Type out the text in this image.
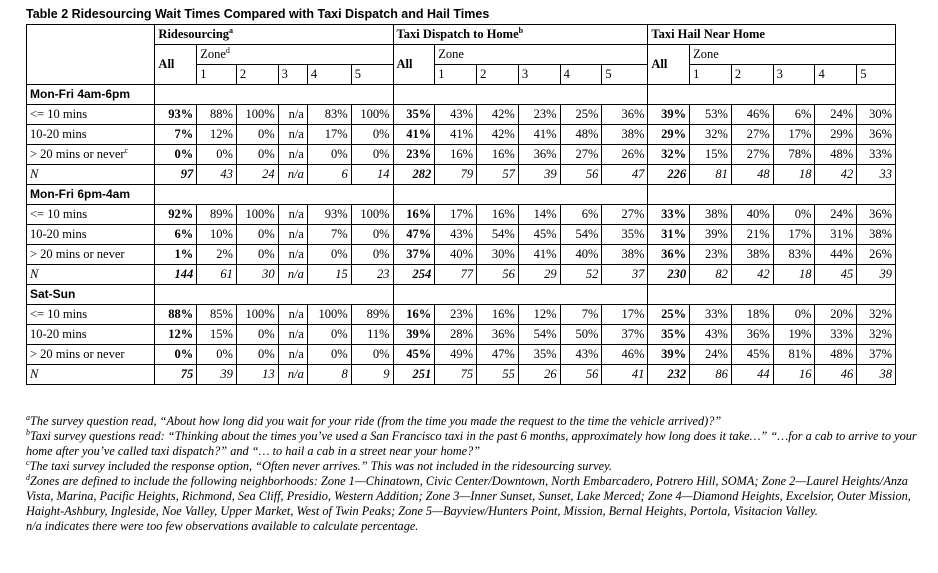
Table 2 Ridesourcing Wait Times Compared with Taxi Dispatch and Hail Times
	Ridesourcing$^a$						Taxi Dispatch to Home$^b$						Taxi Hail Near Home					
	All	Zone$^d$					All	Zone					All	Zone				
		1	2	3	4	5		1	2	3	4	5		1	2	3	4	5
Mon-Fri 4am-6pm																		
<= 10 mins	93%	88%	100%	n/a	83%	100%	35%	43%	42%	23%	25%	36%	39%	53%	46%	6%	24%	30%
10-20 mins	7%	12%	0%	n/a	17%	0%	41%	41%	42%	41%	48%	38%	29%	32%	27%	17%	29%	36%
> 20 mins or never$^c$	0%	0%	0%	n/a	0%	0%	23%	16%	16%	36%	27%	26%	32%	15%	27%	78%	48%	33%
N	97	43	24	n/a	6	14	282	79	57	39	56	47	226	81	48	18	42	33
Mon-Fri 6pm-4am																		
<= 10 mins	92%	89%	100%	n/a	93%	100%	16%	17%	16%	14%	6%	27%	33%	38%	40%	0%	24%	36%
10-20 mins	6%	10%	0%	n/a	7%	0%	47%	43%	54%	45%	54%	35%	31%	39%	21%	17%	31%	38%
> 20 mins or never	1%	2%	0%	n/a	0%	0%	37%	40%	30%	41%	40%	38%	36%	23%	38%	83%	44%	26%
N	144	61	30	n/a	15	23	254	77	56	29	52	37	230	82	42	18	45	39
Sat-Sun																		
<= 10 mins	88%	85%	100%	n/a	100%	89%	16%	23%	16%	12%	7%	17%	25%	33%	18%	0%	20%	32%
10-20 mins	12%	15%	0%	n/a	0%	11%	39%	28%	36%	54%	50%	37%	35%	43%	36%	19%	33%	32%
> 20 mins or never	0%	0%	0%	n/a	0%	0%	45%	49%	47%	35%	43%	46%	39%	24%	45%	81%	48%	37%
N	75	39	13	n/a	8	9	251	75	55	26	56	41	232	86	44	16	46	38

$^a$The survey question read, “About how long did you wait for your ride (from the time you made the request to the time the vehicle arrived)?”

$^b$Taxi survey questions read: “Thinking about the times you’ve used a San Francisco taxi in the past 6 months, approximately how long does it take…” “…for a cab to arrive to your home after you’ve called taxi dispatch?” and “… to hail a cab in a street near your home?”

$^c$The taxi survey included the response option, “Often never arrives.” This was not included in the ridesourcing survey.

$^d$Zones are defined to include the following neighborhoods: Zone 1—Chinatown, Civic Center/Downtown, North Embarcadero, Potrero Hill, SOMA; Zone 2—Laurel Heights/Anza Vista, Marina, Pacific Heights, Richmond, Sea Cliff, Presidio, Western Addition; Zone 3—Inner Sunset, Sunset, Lake Merced; Zone 4—Diamond Heights, Excelsior, Outer Mission, Haight-Ashbury, Ingleside, Noe Valley, Upper Market, West of Twin Peaks; Zone 5—Bayview/Hunters Point, Mission, Bernal Heights, Portola, Visitacion Valley.

n/a indicates there were too few observations available to calculate percentage.
